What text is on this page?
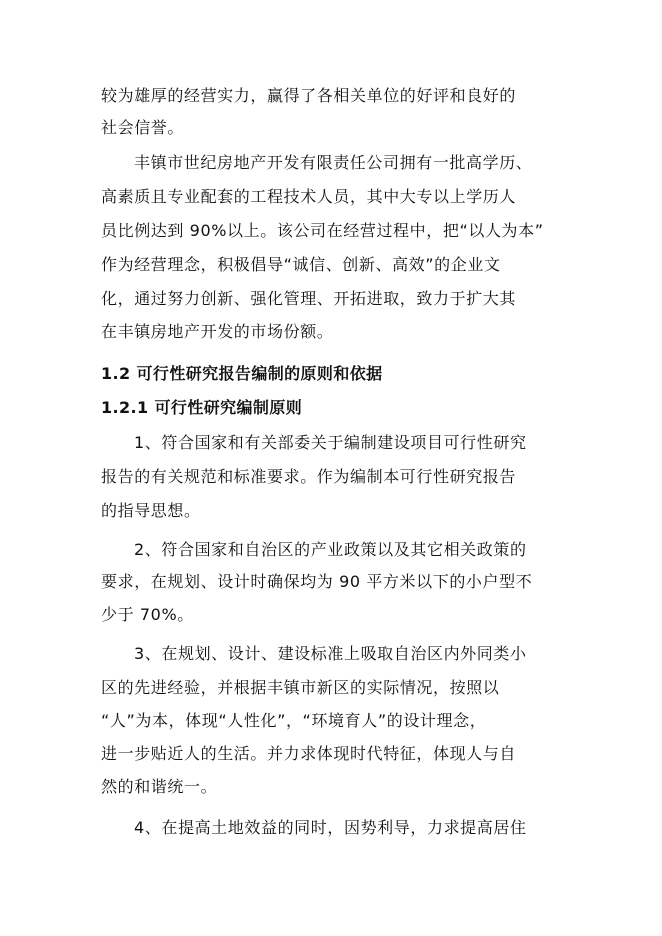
较为雄厚的经营实力，赢得了各相关单位的好评和良好的
社会信誉。
丰镇市世纪房地产开发有限责任公司拥有一批高学历、
高素质且专业配套的工程技术人员，其中大专以上学历人
员比例达到 90%以上。该公司在经营过程中，把“以人为本”
作为经营理念，积极倡导“诚信、创新、高效”的企业文
化，通过努力创新、强化管理、开拓进取，致力于扩大其
在丰镇房地产开发的市场份额。
1.2 可行性研究报告编制的原则和依据
1.2.1 可行性研究编制原则
1、符合国家和有关部委关于编制建设项目可行性研究
报告的有关规范和标准要求。作为编制本可行性研究报告
的指导思想。
2、符合国家和自治区的产业政策以及其它相关政策的
要求，在规划、设计时确保均为 90 平方米以下的小户型不
少于 70%。
3、在规划、设计、建设标准上吸取自治区内外同类小
区的先进经验，并根据丰镇市新区的实际情况，按照以
“人”为本，体现“人性化”，“环境育人”的设计理念，
进一步贴近人的生活。并力求体现时代特征，体现人与自
然的和谐统一。
4、在提高土地效益的同时，因势利导，力求提高居住
